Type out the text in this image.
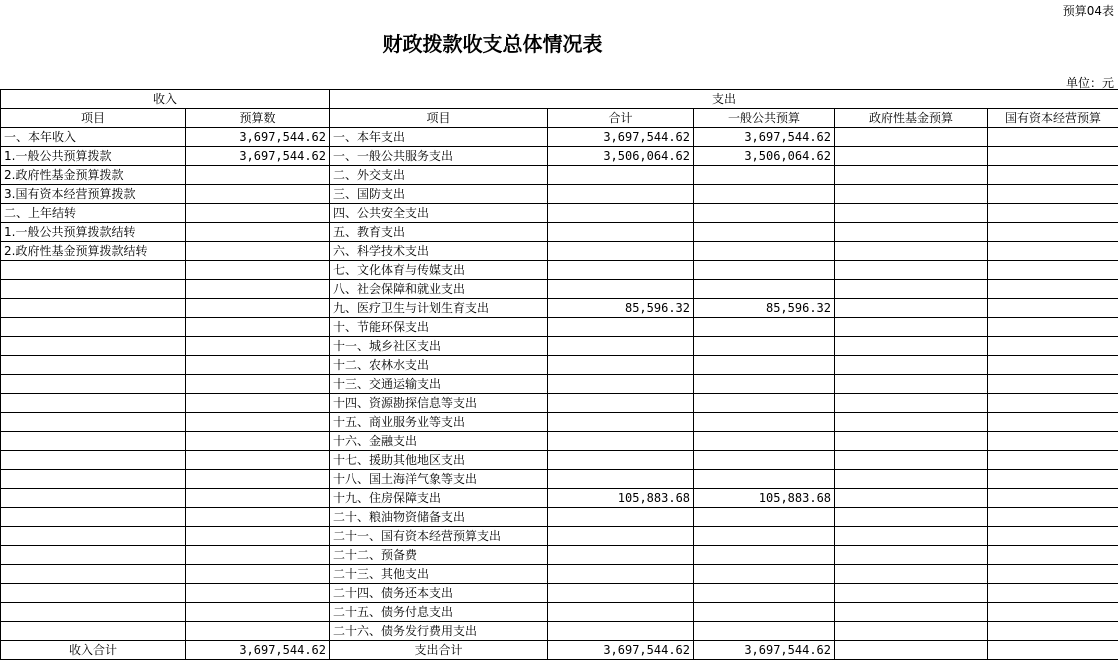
预算04表
财政拨款收支总体情况表
单位：元
收入		支出				
项目	预算数	项目	合计	一般公共预算	政府性基金预算	国有资本经营预算
一、本年收入	3,697,544.62	一、本年支出	3,697,544.62	3,697,544.62		
1.一般公共预算拨款	3,697,544.62	一、一般公共服务支出	3,506,064.62	3,506,064.62		
2.政府性基金预算拨款		二、外交支出				
3.国有资本经营预算拨款		三、国防支出				
二、上年结转		四、公共安全支出				
1.一般公共预算拨款结转		五、教育支出				
2.政府性基金预算拨款结转		六、科学技术支出				
		七、文化体育与传媒支出				
		八、社会保障和就业支出				
		九、医疗卫生与计划生育支出	85,596.32	85,596.32		
		十、节能环保支出				
		十一、城乡社区支出				
		十二、农林水支出				
		十三、交通运输支出				
		十四、资源勘探信息等支出				
		十五、商业服务业等支出				
		十六、金融支出				
		十七、援助其他地区支出				
		十八、国土海洋气象等支出				
		十九、住房保障支出	105,883.68	105,883.68		
		二十、粮油物资储备支出				
		二十一、国有资本经营预算支出				
		二十二、预备费				
		二十三、其他支出				
		二十四、债务还本支出				
		二十五、债务付息支出				
		二十六、债务发行费用支出				
收入合计	3,697,544.62	支出合计	3,697,544.62	3,697,544.62		
